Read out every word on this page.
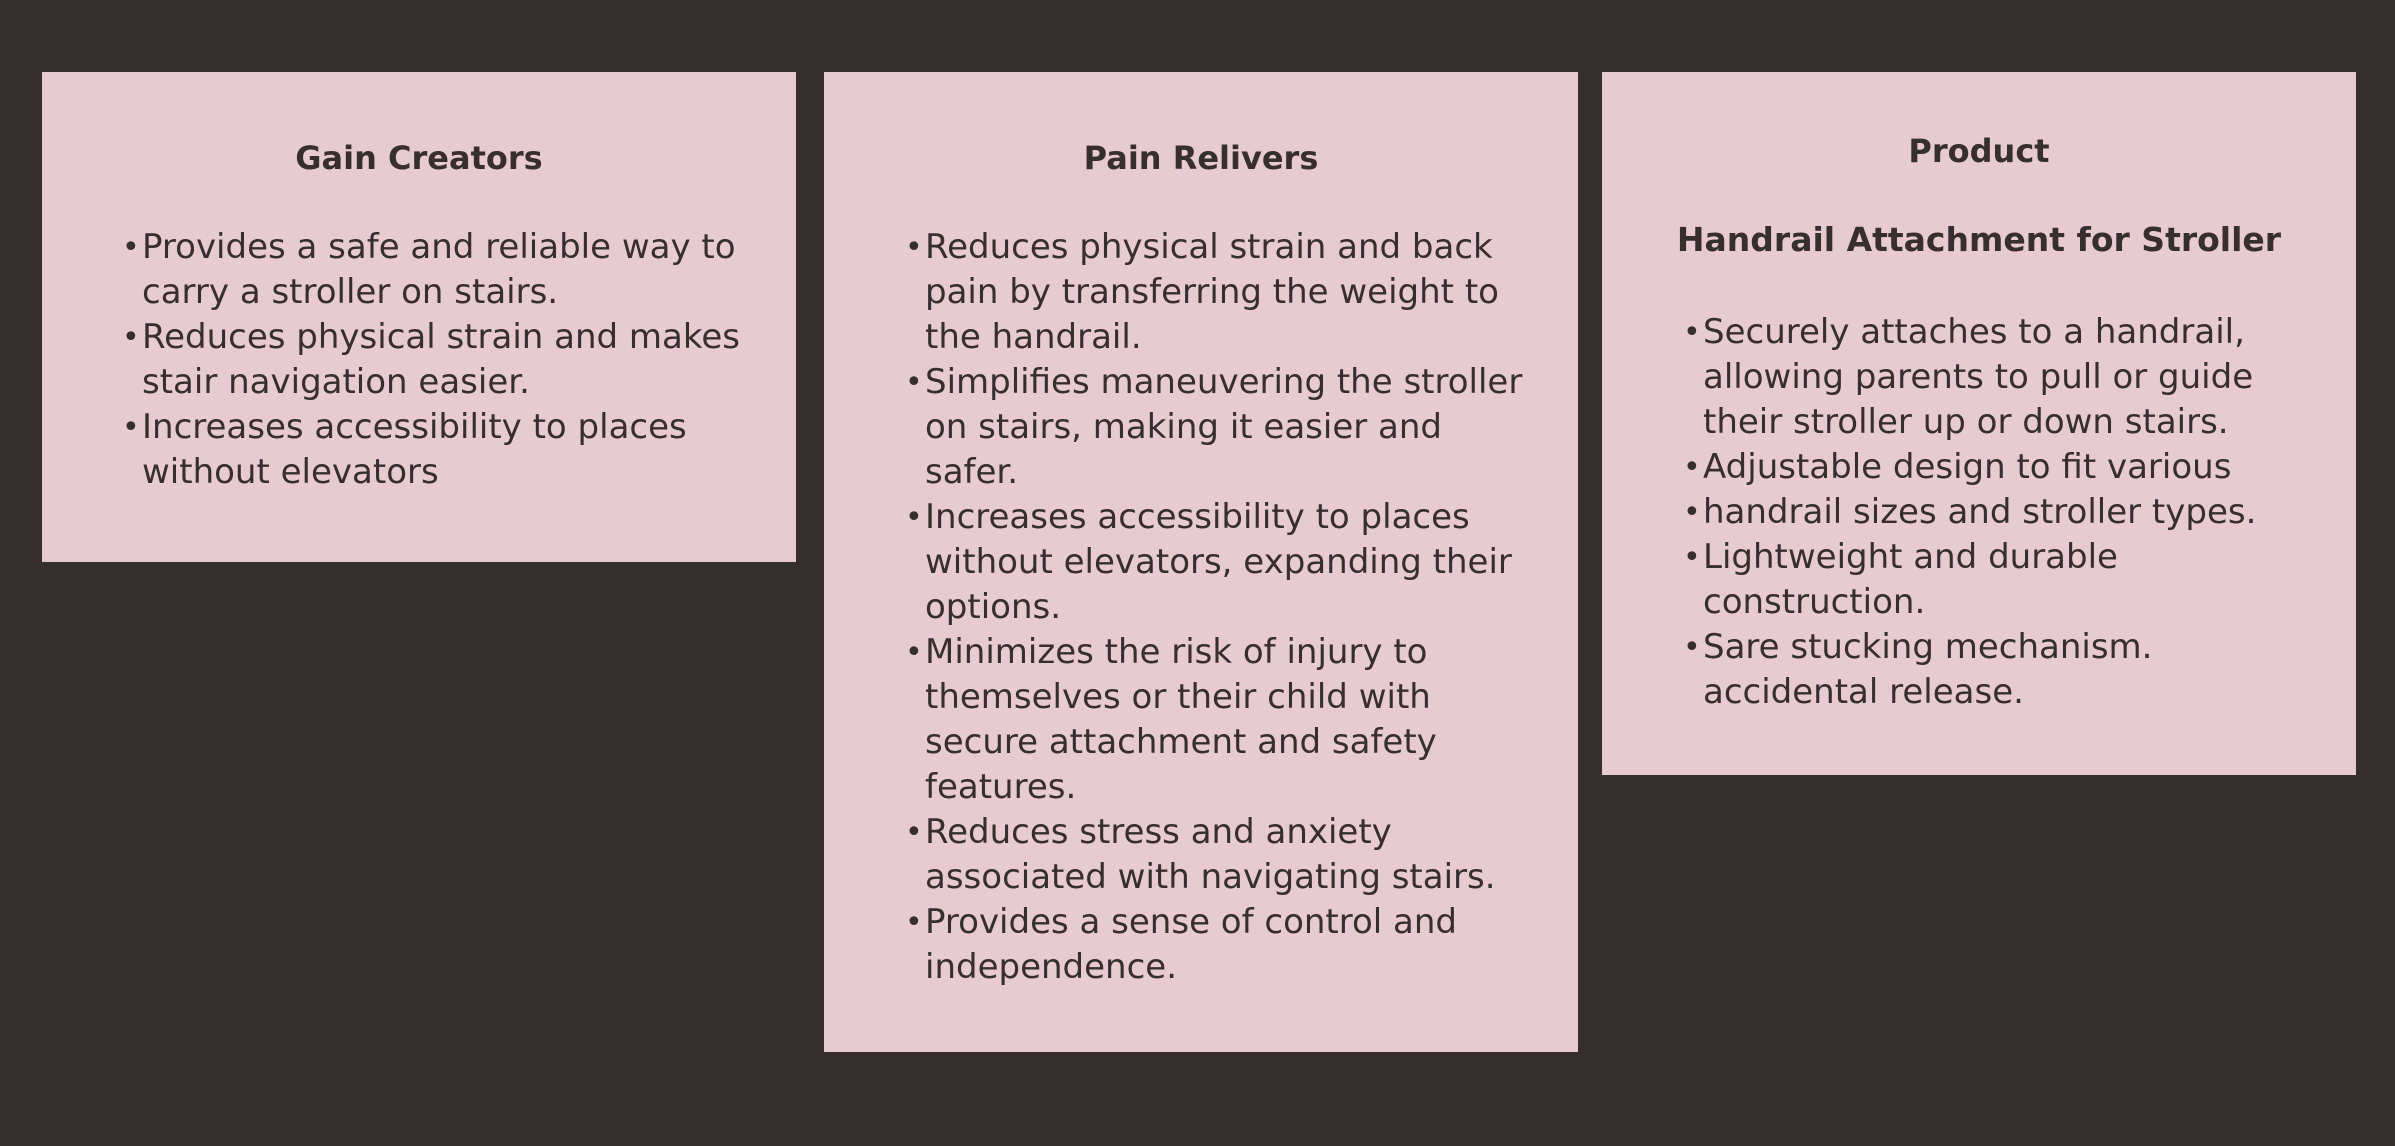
Gain Creators
• Provides a safe and reliable way to carry a stroller on stairs.
• Reduces physical strain and makes stair navigation easier.
• Increases accessibility to places without elevators
Pain Relivers
• Reduces physical strain and back pain by transferring the weight to the handrail.
• Simplifies maneuvering the stroller on stairs, making it easier and safer.
• Increases accessibility to places without elevators, expanding their options.
• Minimizes the risk of injury to themselves or their child with secure attachment and safety features.
• Reduces stress and anxiety associated with navigating stairs.
• Provides a sense of control and independence.
Product
Handrail Attachment for Stroller
• Securely attaches to a handrail, allowing parents to pull or guide their stroller up or down stairs.
• Adjustable design to fit various
• handrail sizes and stroller types.
• Lightweight and durable construction.
• Sare stucking mechanism. accidental release.
